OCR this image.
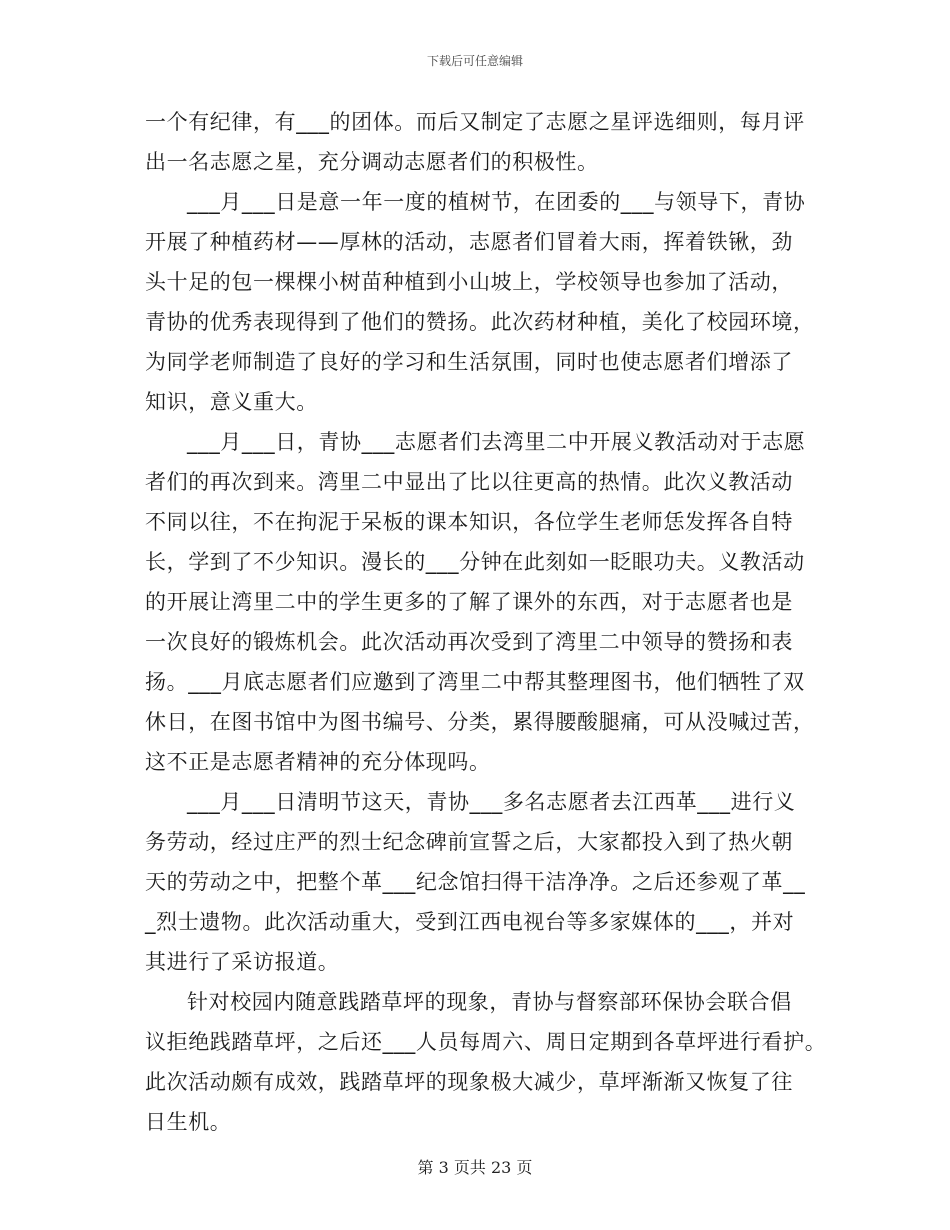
下载后可任意编辑
一个有纪律，有___的团体。而后又制定了志愿之星评选细则，每月评
出一名志愿之星，充分调动志愿者们的积极性。
___月___日是意一年一度的植树节，在团委的___与领导下，青协
开展了种植药材——厚林的活动，志愿者们冒着大雨，挥着铁锹，劲
头十足的包一棵棵小树苗种植到小山坡上，学校领导也参加了活动，
青协的优秀表现得到了他们的赞扬。此次药材种植，美化了校园环境，
为同学老师制造了良好的学习和生活氛围，同时也使志愿者们增添了
知识，意义重大。
___月___日，青协___志愿者们去湾里二中开展义教活动对于志愿
者们的再次到来。湾里二中显出了比以往更高的热情。此次义教活动
不同以往，不在拘泥于呆板的课本知识，各位学生老师恁发挥各自特
长，学到了不少知识。漫长的___分钟在此刻如一眨眼功夫。义教活动
的开展让湾里二中的学生更多的了解了课外的东西，对于志愿者也是
一次良好的锻炼机会。此次活动再次受到了湾里二中领导的赞扬和表
扬。___月底志愿者们应邀到了湾里二中帮其整理图书，他们牺牲了双
休日，在图书馆中为图书编号、分类，累得腰酸腿痛，可从没喊过苦，
这不正是志愿者精神的充分体现吗。
___月___日清明节这天，青协___多名志愿者去江西革___进行义
务劳动，经过庄严的烈士纪念碑前宣誓之后，大家都投入到了热火朝
天的劳动之中，把整个革___纪念馆扫得干洁净净。之后还参观了革__
_烈士遗物。此次活动重大，受到江西电视台等多家媒体的___，并对
其进行了采访报道。
针对校园内随意践踏草坪的现象，青协与督察部环保协会联合倡
议拒绝践踏草坪，之后还___人员每周六、周日定期到各草坪进行看护。
此次活动颇有成效，践踏草坪的现象极大减少，草坪渐渐又恢复了往
日生机。
第 3 页共 23 页
